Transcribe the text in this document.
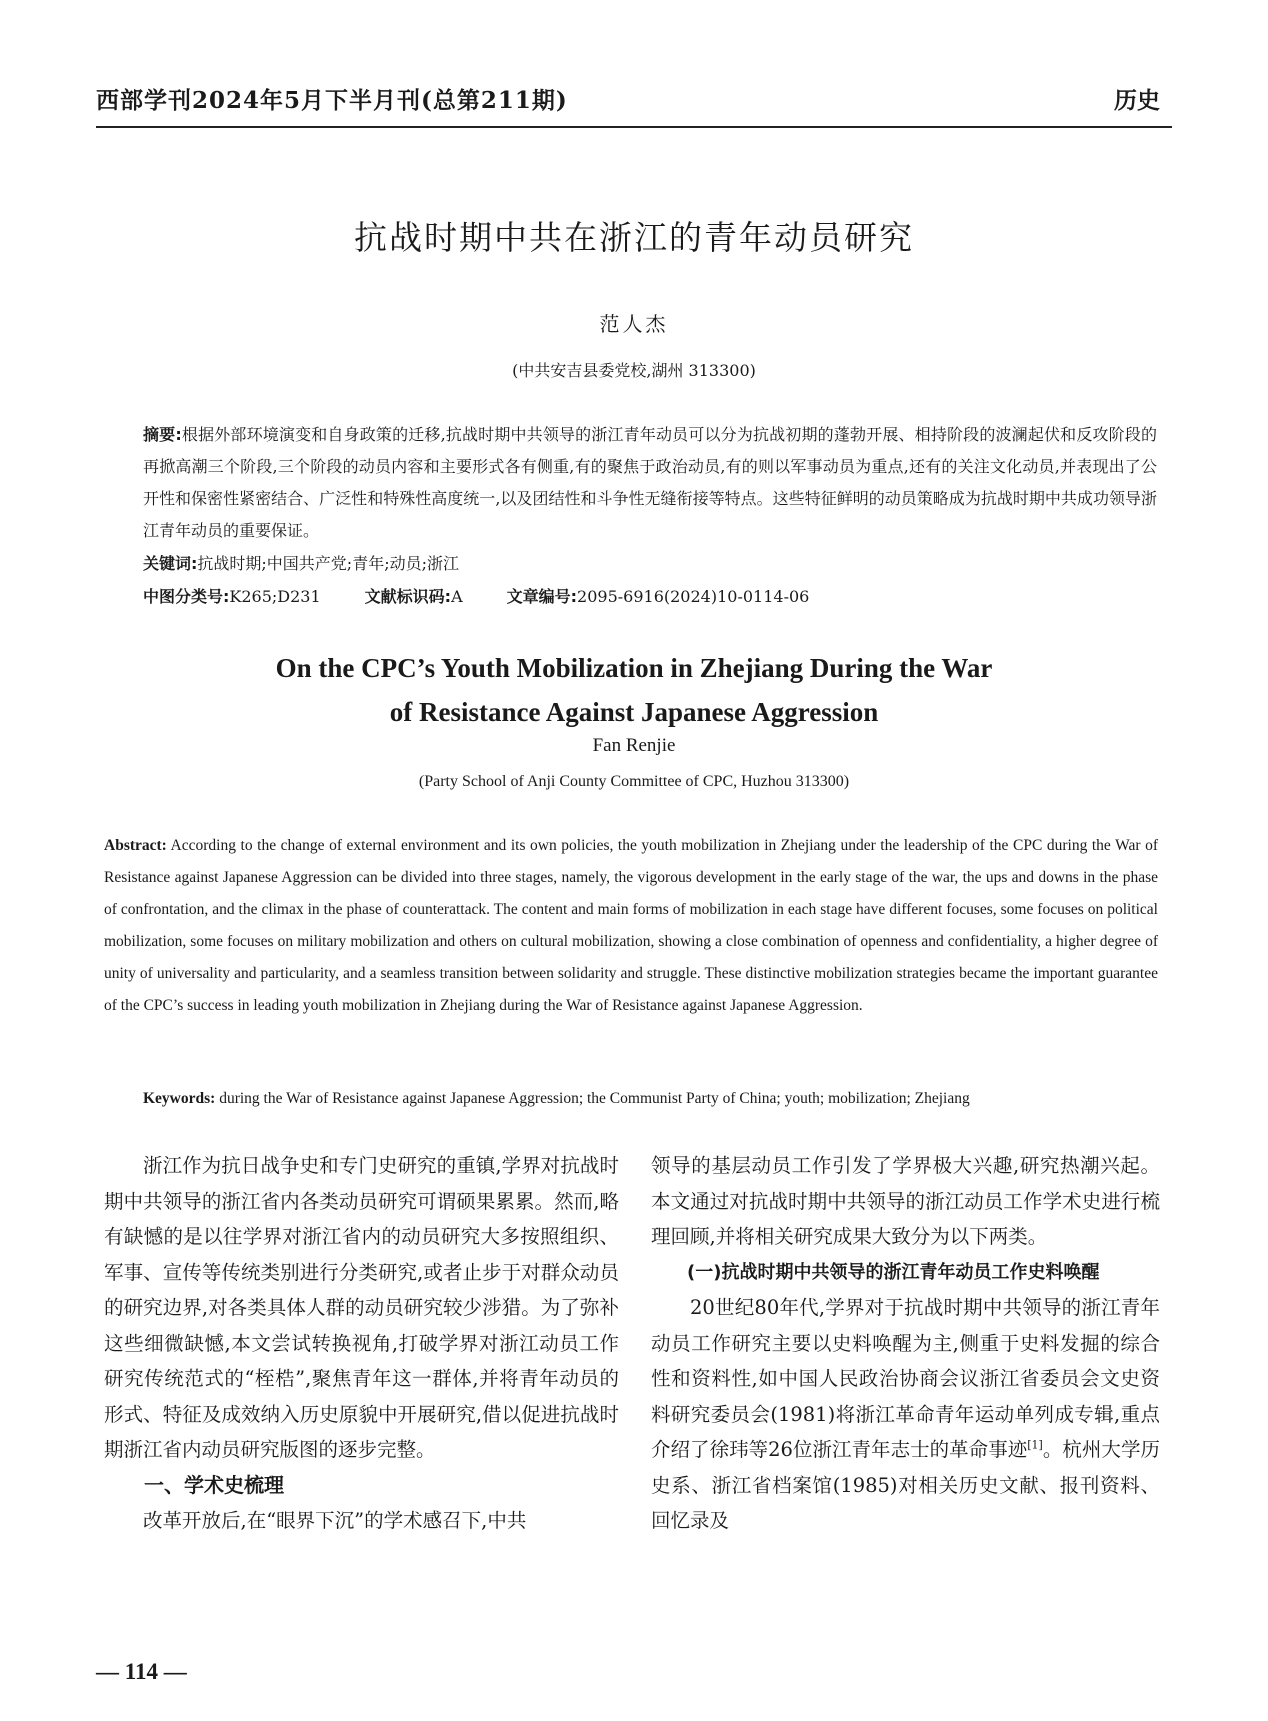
西部学刊2024年5月下半月刊(总第211期)	历史
抗战时期中共在浙江的青年动员研究
范人杰
(中共安吉县委党校,湖州 313300)
摘要:根据外部环境演变和自身政策的迁移,抗战时期中共领导的浙江青年动员可以分为抗战初期的蓬勃开展、相持阶段的波澜起伏和反攻阶段的再掀高潮三个阶段,三个阶段的动员内容和主要形式各有侧重,有的聚焦于政治动员,有的则以军事动员为重点,还有的关注文化动员,并表现出了公开性和保密性紧密结合、广泛性和特殊性高度统一,以及团结性和斗争性无缝衔接等特点。这些特征鲜明的动员策略成为抗战时期中共成功领导浙江青年动员的重要保证。
关键词:抗战时期;中国共产党;青年;动员;浙江
中图分类号:K265;D231	文献标识码:A	文章编号:2095-6916(2024)10-0114-06
On the CPC’s Youth Mobilization in Zhejiang During the War
of Resistance Against Japanese Aggression
Fan Renjie
(Party School of Anji County Committee of CPC, Huzhou 313300)
Abstract: According to the change of external environment and its own policies, the youth mobilization in Zhejiang under the leadership of the CPC during the War of Resistance against Japanese Aggression can be divided into three stages, namely, the vigorous development in the early stage of the war, the ups and downs in the phase of confrontation, and the climax in the phase of counterattack. The content and main forms of mobilization in each stage have different focuses, some focuses on political mobilization, some focuses on military mobilization and others on cultural mobilization, showing a close combination of openness and confidentiality, a higher degree of unity of universality and particularity, and a seamless transition between solidarity and struggle. These distinctive mobilization strategies became the important guarantee of the CPC’s success in leading youth mobilization in Zhejiang during the War of Resistance against Japanese Aggression.
Keywords: during the War of Resistance against Japanese Aggression; the Communist Party of China; youth; mobilization; Zhejiang

浙江作为抗日战争史和专门史研究的重镇,学界对抗战时期中共领导的浙江省内各类动员研究可谓硕果累累。然而,略有缺憾的是以往学界对浙江省内的动员研究大多按照组织、军事、宣传等传统类别进行分类研究,或者止步于对群众动员的研究边界,对各类具体人群的动员研究较少涉猎。为了弥补这些细微缺憾,本文尝试转换视角,打破学界对浙江动员工作研究传统范式的“桎梏”,聚焦青年这一群体,并将青年动员的形式、特征及成效纳入历史原貌中开展研究,借以促进抗战时期浙江省内动员研究版图的逐步完整。

一、学术史梳理

改革开放后,在“眼界下沉”的学术感召下,中共

领导的基层动员工作引发了学界极大兴趣,研究热潮兴起。本文通过对抗战时期中共领导的浙江动员工作学术史进行梳理回顾,并将相关研究成果大致分为以下两类。

(一)抗战时期中共领导的浙江青年动员工作史料唤醒

20世纪80年代,学界对于抗战时期中共领导的浙江青年动员工作研究主要以史料唤醒为主,侧重于史料发掘的综合性和资料性,如中国人民政治协商会议浙江省委员会文史资料研究委员会(1981)将浙江革命青年运动单列成专辑,重点介绍了徐玮等26位浙江青年志士的革命事迹[1]。杭州大学历史系、浙江省档案馆(1985)对相关历史文献、报刊资料、回忆录及

— 114 —
